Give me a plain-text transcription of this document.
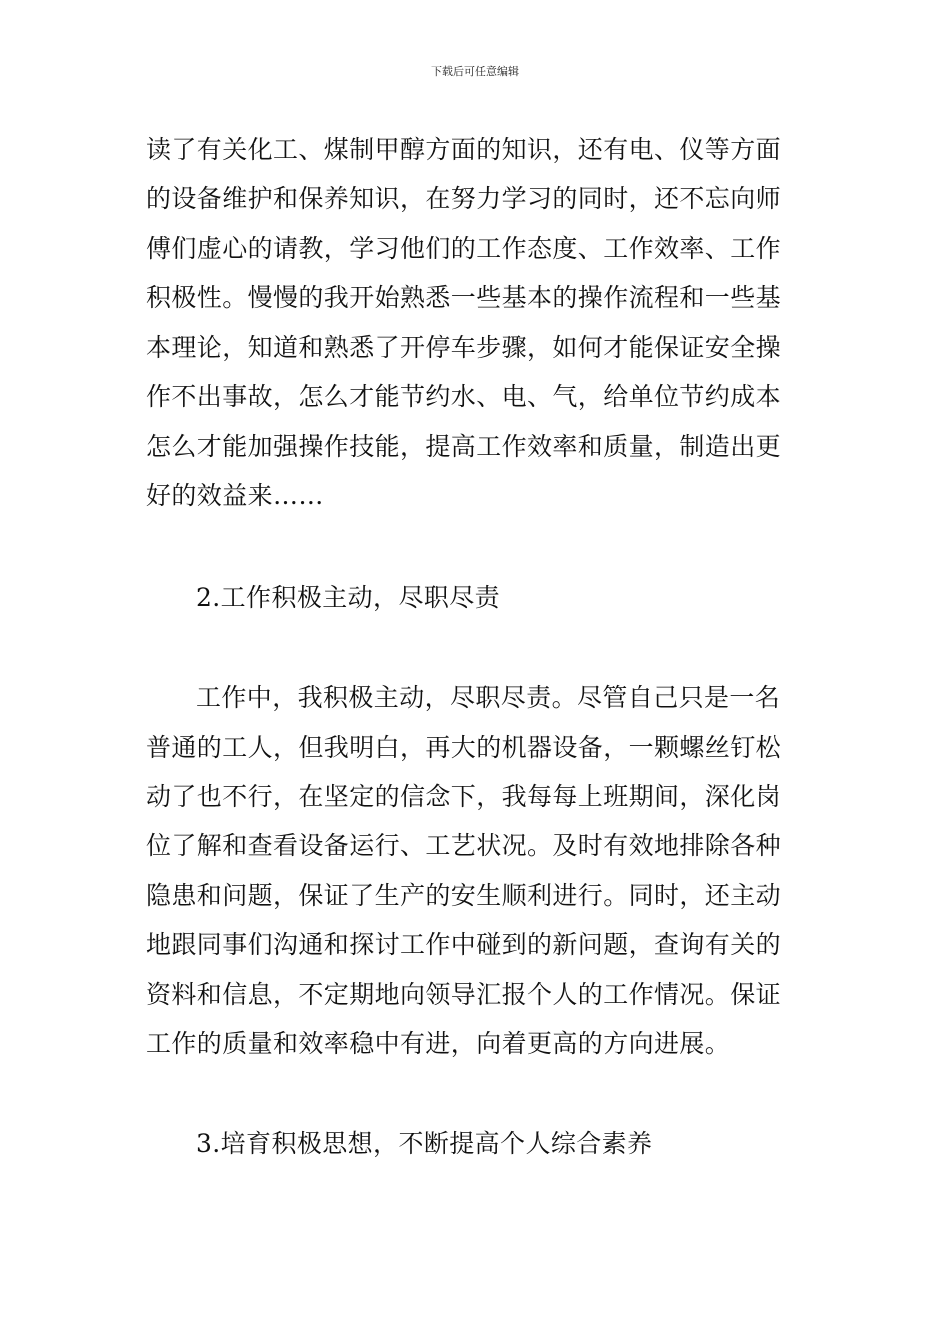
下载后可任意编辑
读了有关化工、煤制甲醇方面的知识，还有电、仪等方面
的设备维护和保养知识，在努力学习的同时，还不忘向师
傅们虚心的请教，学习他们的工作态度、工作效率、工作
积极性。慢慢的我开始熟悉一些基本的操作流程和一些基
本理论，知道和熟悉了开停车步骤，如何才能保证安全操
作不出事故，怎么才能节约水、电、气，给单位节约成本
怎么才能加强操作技能，提高工作效率和质量，制造出更
好的效益来……
2.工作积极主动，尽职尽责
工作中，我积极主动，尽职尽责。尽管自己只是一名
普通的工人，但我明白，再大的机器设备，一颗螺丝钉松
动了也不行，在坚定的信念下，我每每上班期间，深化岗
位了解和查看设备运行、工艺状况。及时有效地排除各种
隐患和问题，保证了生产的安生顺利进行。同时，还主动
地跟同事们沟通和探讨工作中碰到的新问题，查询有关的
资料和信息，不定期地向领导汇报个人的工作情况。保证
工作的质量和效率稳中有进，向着更高的方向进展。
3.培育积极思想，不断提高个人综合素养
